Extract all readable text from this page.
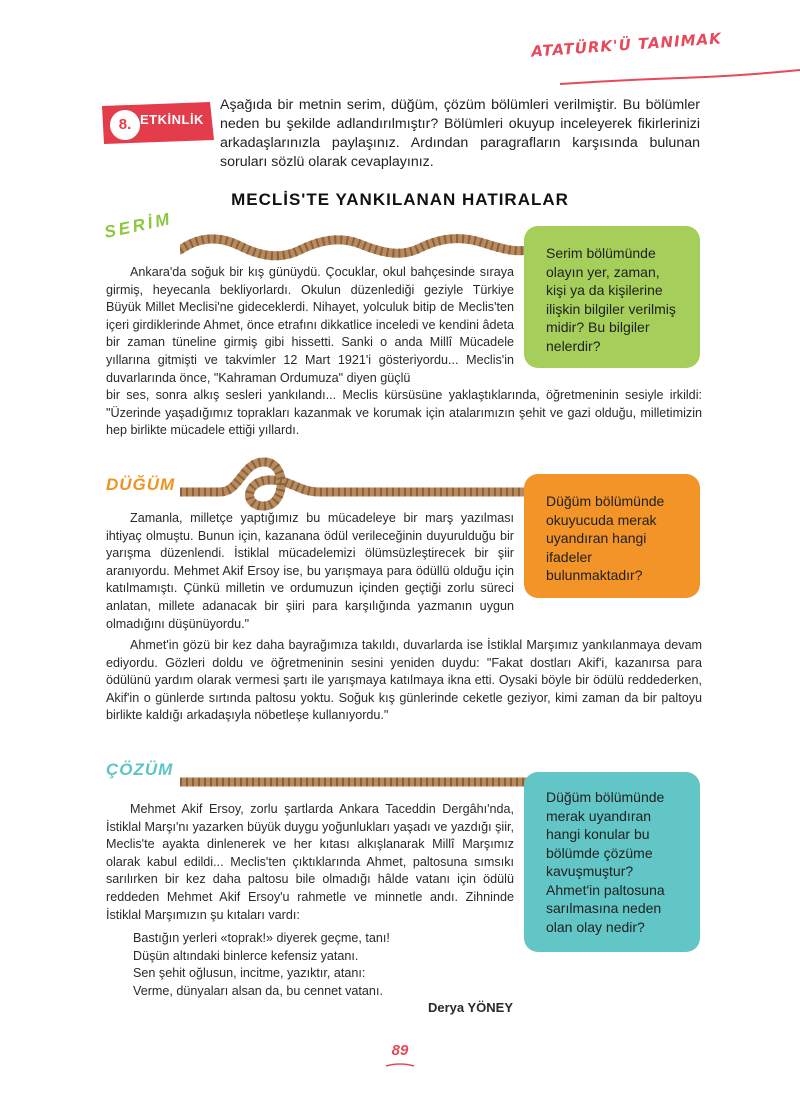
ATATÜRK'Ü TANIMAK
8. ETKİNLİK
Aşağıda bir metnin serim, düğüm, çözüm bölümleri verilmiştir. Bu bölümler neden bu şekilde adlandırılmıştır? Bölümleri okuyup inceleyerek fikirlerinizi arkadaşlarınızla paylaşınız. Ardından paragrafların karşısında bulunan soruları sözlü olarak cevaplayınız.
MECLİS'TE YANKILANAN HATIRALAR
SERİM

Ankara'da soğuk bir kış günüydü. Çocuklar, okul bahçesinde sıraya girmiş, heyecanla bekliyorlardı. Okulun düzenlediği geziyle Türkiye Büyük Millet Meclisi'ne gideceklerdi. Nihayet, yolculuk bitip de Meclis'ten içeri girdiklerinde Ahmet, önce etrafını dikkatlice inceledi ve kendini âdeta bir zaman tüneline girmiş gibi hissetti. Sanki o anda Millî Mücadele yıllarına gitmişti ve takvimler 12 Mart 1921'i gösteriyordu... Meclis'in duvarlarında önce, "Kahraman Ordumuza" diyen güçlü

bir ses, sonra alkış sesleri yankılandı... Meclis kürsüsüne yaklaştıklarında, öğretmeninin sesiyle irkildi: "Üzerinde yaşadığımız toprakları kazanmak ve korumak için atalarımızın şehit ve gazi olduğu, milletimizin hep birlikte mücadele ettiği yıllardı.
Serim bölümünde olayın yer, zaman, kişi ya da kişilerine ilişkin bilgiler verilmiş midir? Bu bilgiler nelerdir?
DÜĞÜM

Zamanla, milletçe yaptığımız bu mücadeleye bir marş yazılması ihtiyaç olmuştu. Bunun için, kazanana ödül verileceğinin duyurulduğu bir yarışma düzenlendi. İstiklal mücadelemizi ölümsüzleştirecek bir şiir aranıyordu. Mehmet Akif Ersoy ise, bu yarışmaya para ödüllü olduğu için katılmamıştı. Çünkü milletin ve ordumuzun içinden geçtiği zorlu süreci anlatan, millete adanacak bir şiiri para karşılığında yazmanın uygun olmadığını düşünüyordu."

Ahmet'in gözü bir kez daha bayrağımıza takıldı, duvarlarda ise İstiklal Marşımız yankılanmaya devam ediyordu. Gözleri doldu ve öğretmeninin sesini yeniden duydu: "Fakat dostları Akif'i, kazanırsa para ödülünü yardım olarak vermesi şartı ile yarışmaya katılmaya ikna etti. Oysaki böyle bir ödülü reddederken, Akif'in o günlerde sırtında paltosu yoktu. Soğuk kış günlerinde ceketle geziyor, kimi zaman da bir paltoyu birlikte kaldığı arkadaşıyla nöbetleşe kullanıyordu."

Düğüm bölümünde okuyucuda merak uyandıran hangi ifadeler bulunmaktadır?
ÇÖZÜM

Mehmet Akif Ersoy, zorlu şartlarda Ankara Taceddin Dergâhı'nda, İstiklal Marşı'nı yazarken büyük duygu yoğunlukları yaşadı ve yazdığı şiir, Meclis'te ayakta dinlenerek ve her kıtası alkışlanarak Millî Marşımız olarak kabul edildi... Meclis'ten çıktıklarında Ahmet, paltosuna sımsıkı sarılırken bir kez daha paltosu bile olmadığı hâlde vatanı için ödülü reddeden Mehmet Akif Ersoy'u rahmetle ve minnetle andı. Zihninde İstiklal Marşımızın şu kıtaları vardı:

Bastığın yerleri «toprak!» diyerek geçme, tanı!
Düşün altındaki binlerce kefensiz yatanı.
Sen şehit oğlusun, incitme, yazıktır, atanı:
Verme, dünyaları alsan da, bu cennet vatanı.
Düğüm bölümünde merak uyandıran hangi konular bu bölümde çözüme kavuşmuştur? Ahmet'in paltosuna sarılmasına neden olan olay nedir?
Derya YÖNEY
89
